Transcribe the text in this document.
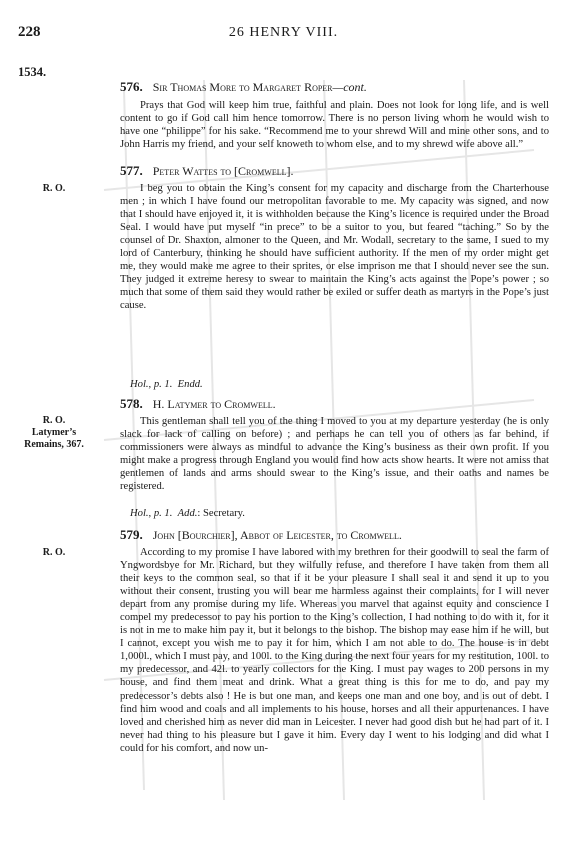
228	26 HENRY VIII.
1534.
576. Sir Thomas More to Margaret Roper—cont.
Prays that God will keep him true, faithful and plain. Does not look for long life, and is well content to go if God call him hence tomorrow. There is no person living whom he would wish to have one “philippe” for his sake. “Recommend me to your shrewd Will and mine other sons, and to John Harris my friend, and your self knoweth to whom else, and to my shrewd wife above all.”
R. O.
577. Peter Wattes to [Cromwell].
I beg you to obtain the King’s consent for my capacity and discharge from the Charterhouse men ; in which I have found our metropolitan favorable to me. My capacity was signed, and now that I should have enjoyed it, it is withholden because the King’s licence is required under the Broad Seal. I would have put myself “in prece” to be a suitor to you, but feared “taching.” So by the counsel of Dr. Shaxton, almoner to the Queen, and Mr. Wodall, secretary to the same, I sued to my lord of Canterbury, thinking he should have sufficient authority. If the men of my order might get me, they would make me agree to their sprites, or else imprison me that I should never see the sun. They judged it extreme heresy to swear to maintain the King’s acts against the Pope’s power ; so much that some of them said they would rather be exiled or suffer death as martyrs in the Pope’s just cause.
Hol., p. 1. Endd.
R. O.
Latymer’s
Remains, 367.
578. H. Latymer to Cromwell.
This gentleman shall tell you of the thing I moved to you at my departure yesterday (he is only slack for lack of calling on before) ; and perhaps he can tell you of others as far behind, if commissioners were always as mindful to advance the King’s business as their own profit. If you might make a progress through England you would find how acts show hearts. It were not amiss that gentlemen of lands and arms should swear to the King’s issue, and their oaths and names be registered.
Hol., p. 1. Add.: Secretary.
R. O.
579. John [Bourchier], Abbot of Leicester, to Cromwell.
According to my promise I have labored with my brethren for their goodwill to seal the farm of Yngwordsbye for Mr. Richard, but they wilfully refuse, and therefore I have taken from them all their keys to the common seal, so that if it be your pleasure I shall seal it and send it up to you without their consent, trusting you will bear me harmless against their complaints, for I will never depart from any promise during my life. Whereas you marvel that against equity and conscience I compel my predecessor to pay his portion to the King’s collection, I had nothing to do with it, for it is not in me to make him pay it, but it belongs to the bishop. The bishop may ease him if he will, but I cannot, except you wish me to pay it for him, which I am not able to do. The house is in debt 1,000l., which I must pay, and 100l. to the King during the next four years for my restitution, 100l. to my predecessor, and 42l. to yearly collectors for the King. I must pay wages to 200 persons in my house, and find them meat and drink. What a great thing is this for me to do, and pay my predecessor’s debts also ! He is but one man, and keeps one man and one boy, and is out of debt. I find him wood and coals and all implements to his house, horses and all their appurtenances. I have loved and cherished him as never did man in Leicester. I never had good dish but he had part of it. I never had thing to his pleasure but I gave it him. Every day I went to his lodging and did what I could for his comfort, and now un-
